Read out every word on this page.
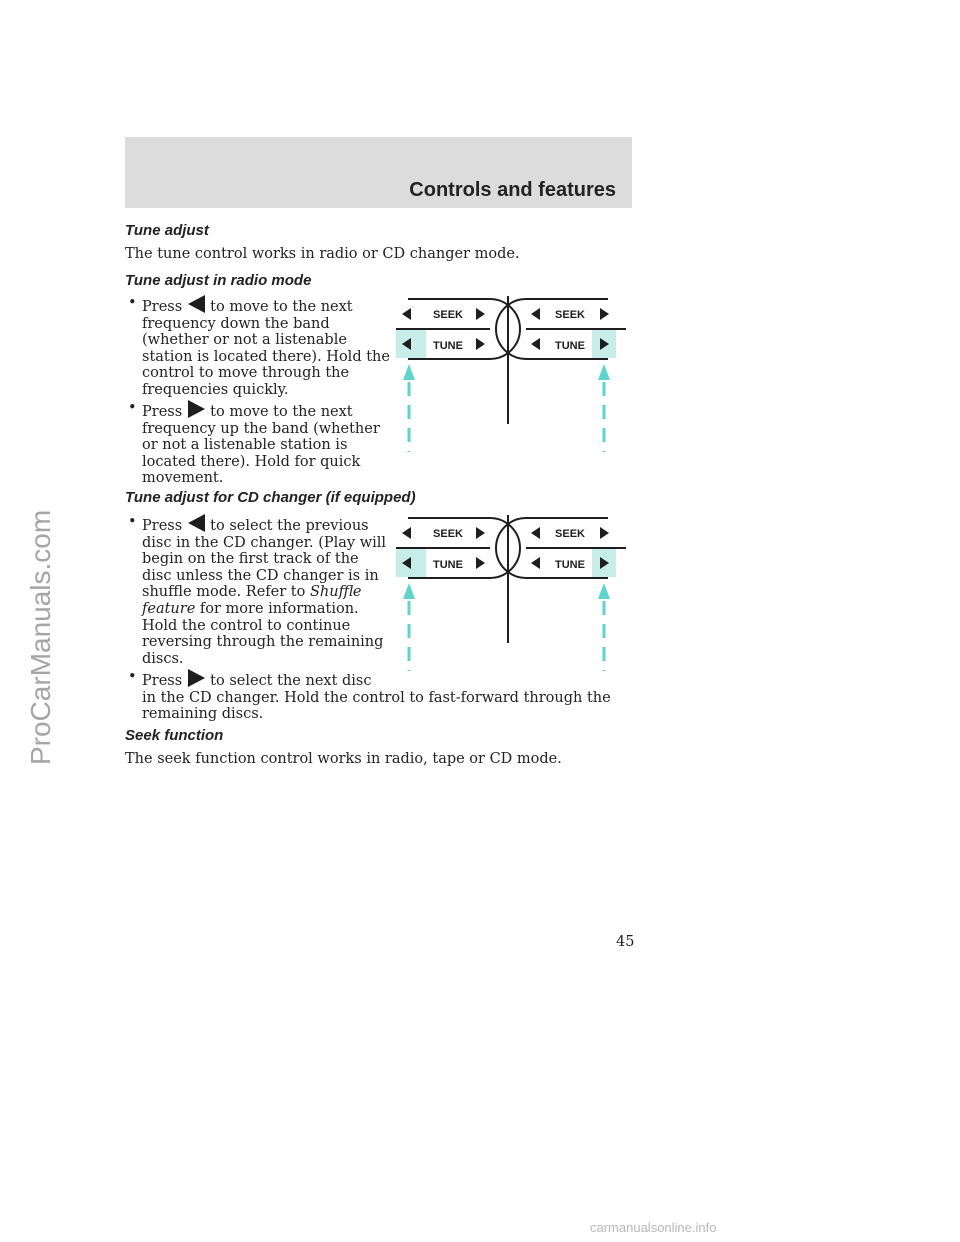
Controls and features
ProCarManuals.com
Tune adjust

The tune control works in radio or CD changer mode.

Tune adjust in radio mode
• Press to move to the next
frequency down the band
(whether or not a listenable
station is located there). Hold the
control to move through the
frequencies quickly.
• Press to move to the next
frequency up the band (whether
or not a listenable station is
located there). Hold for quick
movement.
SEEK
TUNE
SEEK
TUNE
Tune adjust for CD changer (if equipped)
• Press to select the previous
disc in the CD changer. (Play will
begin on the first track of the
disc unless the CD changer is in
shuffle mode. Refer to Shuffle
feature for more information.
Hold the control to continue
reversing through the remaining
discs.
• Press to select the next disc
in the CD changer. Hold the control to fast-forward through the
remaining discs.
SEEK
TUNE
SEEK
TUNE
Seek function

The seek function control works in radio, tape or CD mode.

45
carmanualsonline.info
